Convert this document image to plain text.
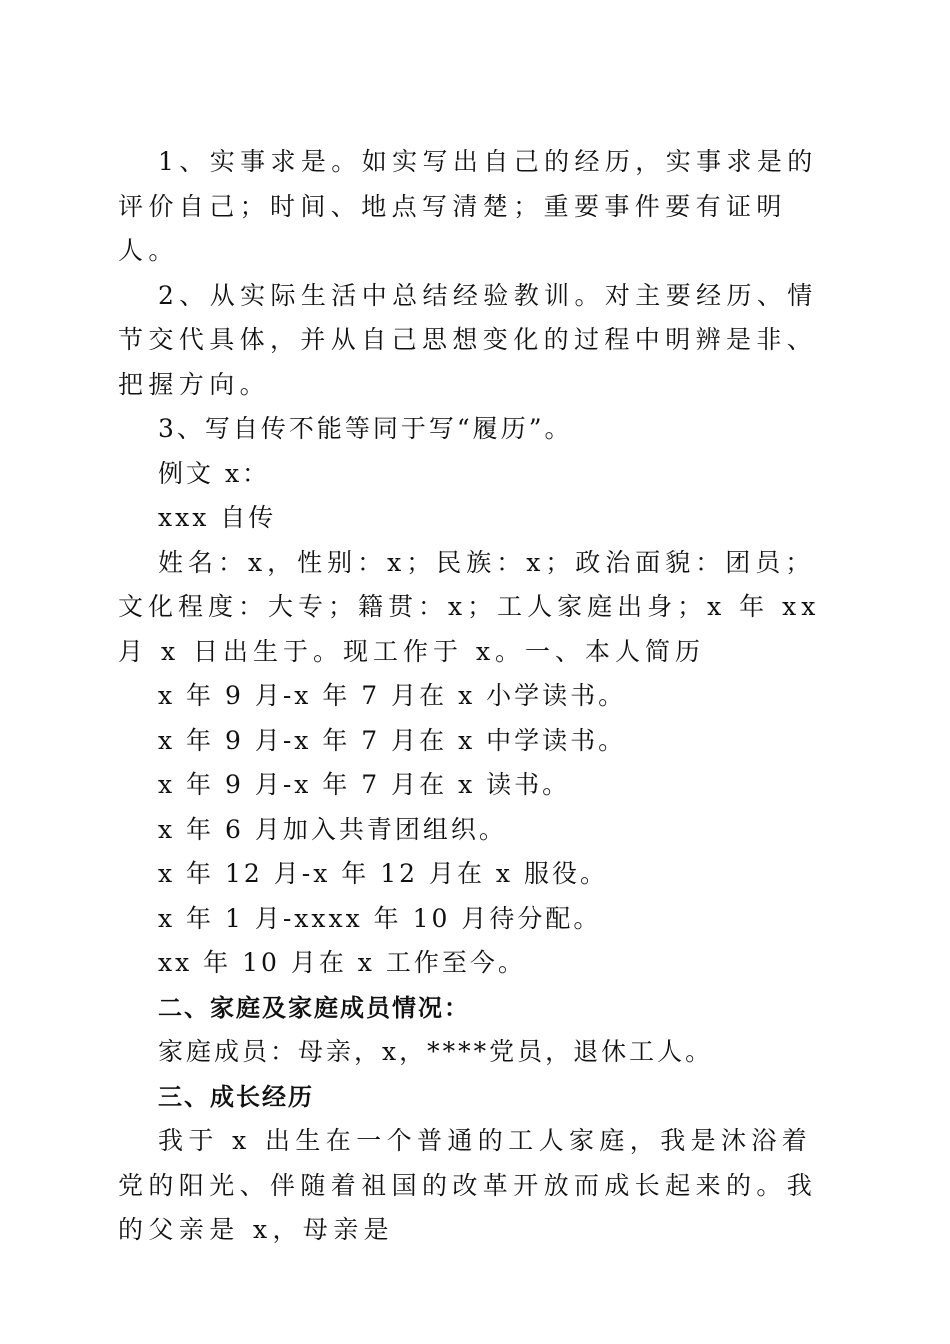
1、实事求是。如实写出自己的经历，实事求是的评价自己；时间、地点写清楚；重要事件要有证明人。

2、从实际生活中总结经验教训。对主要经历、情节交代具体，并从自己思想变化的过程中明辨是非、把握方向。

3、写自传不能等同于写“履历”。

例文 x：

xxx 自传

姓名：x，性别：x；民族：x；政治面貌：团员；文化程度：大专；籍贯：x；工人家庭出身；x 年 xx 月 x 日出生于。现工作于 x。一、本人简历

x 年 9 月-x 年 7 月在 x 小学读书。

x 年 9 月-x 年 7 月在 x 中学读书。

x 年 9 月-x 年 7 月在 x 读书。

x 年 6 月加入共青团组织。

x 年 12 月-x 年 12 月在 x 服役。

x 年 1 月-xxxx 年 10 月待分配。

xx 年 10 月在 x 工作至今。

二、家庭及家庭成员情况：

家庭成员：母亲，x，****党员，退休工人。

三、成长经历

我于 x 出生在一个普通的工人家庭，我是沐浴着党的阳光、伴随着祖国的改革开放而成长起来的。我的父亲是 x，母亲是
